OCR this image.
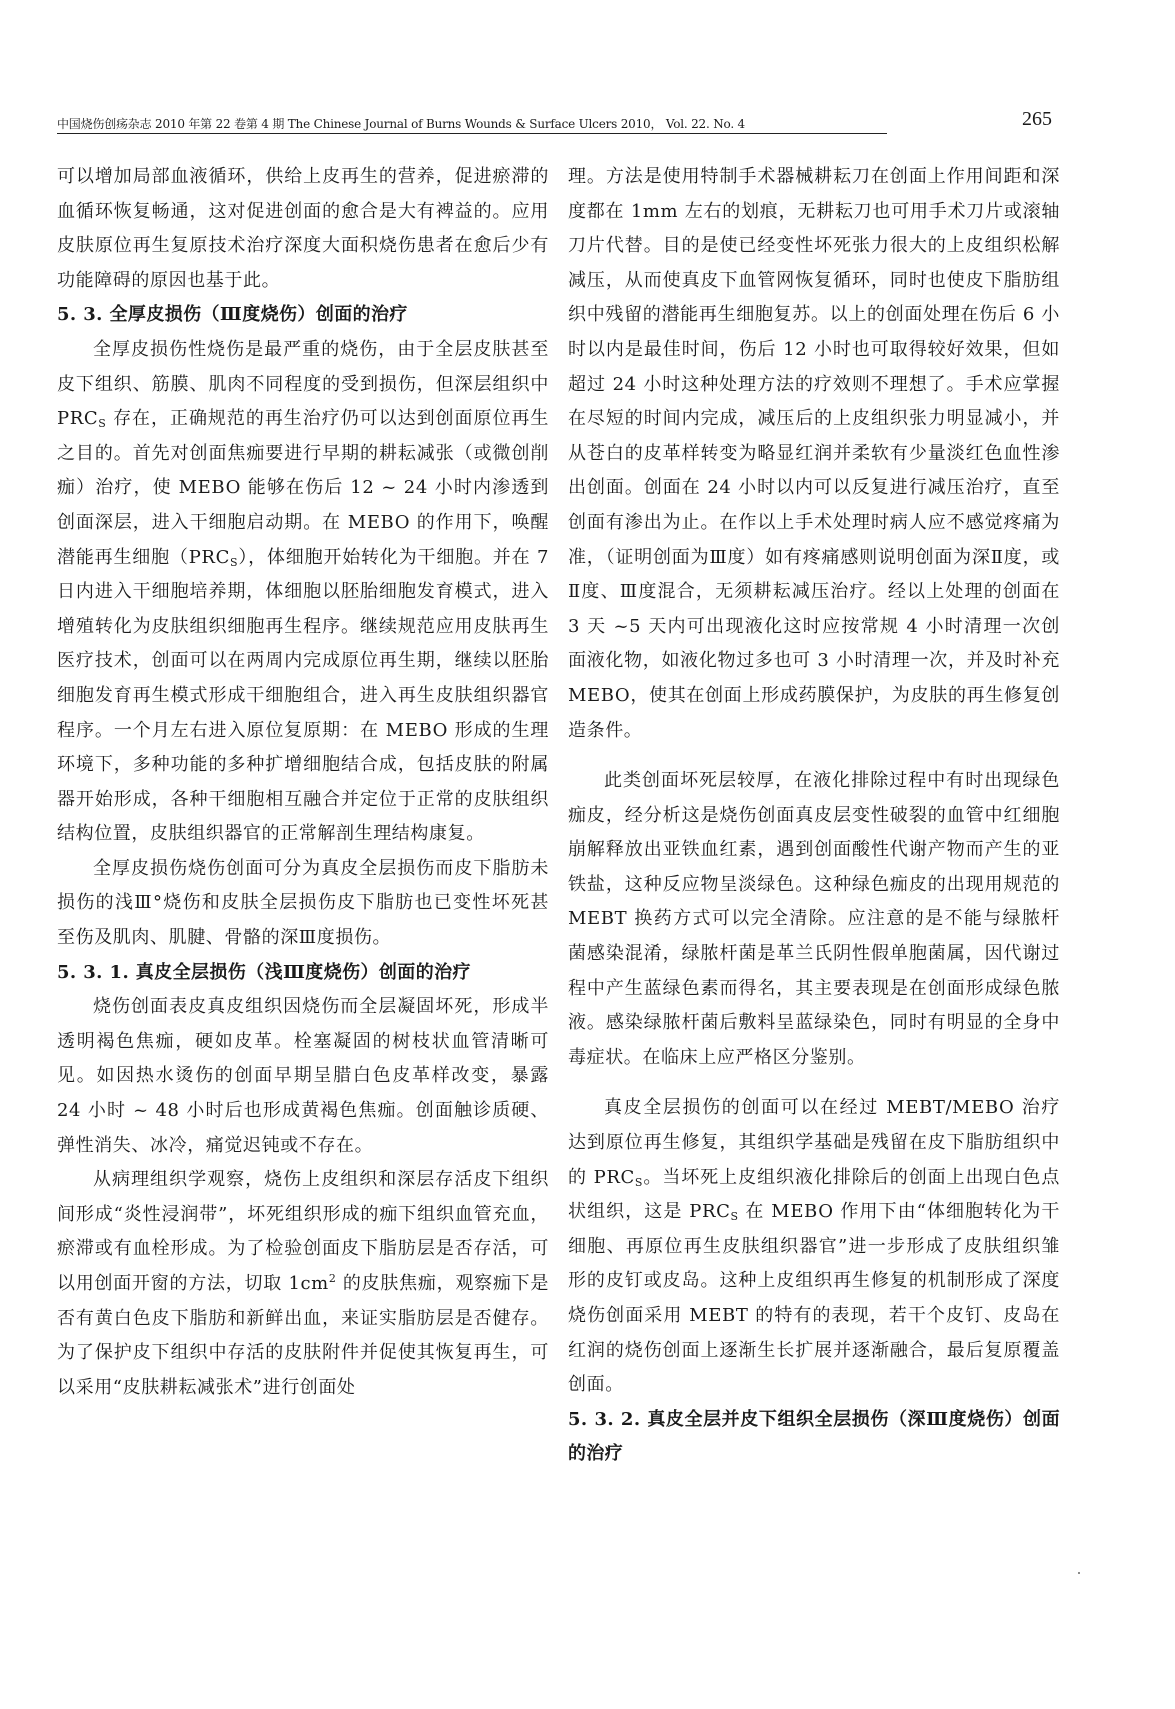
中国烧伤创疡杂志 2010 年第 22 卷第 4 期 The Chinese Journal of Burns Wounds & Surface Ulcers 2010， Vol. 22. No. 4	265

可以增加局部血液循环，供给上皮再生的营养，促进瘀滞的血循环恢复畅通，这对促进创面的愈合是大有裨益的。应用皮肤原位再生复原技术治疗深度大面积烧伤患者在愈后少有功能障碍的原因也基于此。

5. 3. 全厚皮损伤（Ⅲ度烧伤）创面的治疗

全厚皮损伤性烧伤是最严重的烧伤，由于全层皮肤甚至皮下组织、筋膜、肌肉不同程度的受到损伤，但深层组织中 $PRC_S$ 存在，正确规范的再生治疗仍可以达到创面原位再生之目的。首先对创面焦痂要进行早期的耕耘减张（或微创削痂）治疗，使 MEBO 能够在伤后 12 ~ 24 小时内渗透到创面深层，进入干细胞启动期。在 MEBO 的作用下，唤醒潜能再生细胞$(PRC_S)$，体细胞开始转化为干细胞。并在 7 日内进入干细胞培养期，体细胞以胚胎细胞发育模式，进入增殖转化为皮肤组织细胞再生程序。继续规范应用皮肤再生医疗技术，创面可以在两周内完成原位再生期，继续以胚胎细胞发育再生模式形成干细胞组合，进入再生皮肤组织器官程序。一个月左右进入原位复原期：在 MEBO 形成的生理环境下，多种功能的多种扩增细胞结合成，包括皮肤的附属器开始形成，各种干细胞相互融合并定位于正常的皮肤组织结构位置，皮肤组织器官的正常解剖生理结构康复。

全厚皮损伤烧伤创面可分为真皮全层损伤而皮下脂肪未损伤的浅Ⅲ°烧伤和皮肤全层损伤皮下脂肪也已变性坏死甚至伤及肌肉、肌腱、骨骼的深Ⅲ度损伤。

5. 3. 1. 真皮全层损伤（浅Ⅲ度烧伤）创面的治疗

烧伤创面表皮真皮组织因烧伤而全层凝固坏死，形成半透明褐色焦痂，硬如皮革。栓塞凝固的树枝状血管清晰可见。如因热水烫伤的创面早期呈腊白色皮革样改变，暴露 24 小时 ~ 48 小时后也形成黄褐色焦痂。创面触诊质硬、弹性消失、冰冷，痛觉迟钝或不存在。

从病理组织学观察，烧伤上皮组织和深层存活皮下组织间形成“炎性浸润带”，坏死组织形成的痂下组织血管充血，瘀滞或有血栓形成。为了检验创面皮下脂肪层是否存活，可以用创面开窗的方法，切取 $1cm^2$ 的皮肤焦痂，观察痂下是否有黄白色皮下脂肪和新鲜出血，来证实脂肪层是否健存。为了保护皮下组织中存活的皮肤附件并促使其恢复再生，可以采用“皮肤耕耘减张术”进行创面处

理。方法是使用特制手术器械耕耘刀在创面上作用间距和深度都在 1mm 左右的划痕，无耕耘刀也可用手术刀片或滚轴刀片代替。目的是使已经变性坏死张力很大的上皮组织松解减压，从而使真皮下血管网恢复循环，同时也使皮下脂肪组织中残留的潜能再生细胞复苏。以上的创面处理在伤后 6 小时以内是最佳时间，伤后 12 小时也可取得较好效果，但如超过 24 小时这种处理方法的疗效则不理想了。手术应掌握在尽短的时间内完成，减压后的上皮组织张力明显减小，并从苍白的皮革样转变为略显红润并柔软有少量淡红色血性渗出创面。创面在 24 小时以内可以反复进行减压治疗，直至创面有渗出为止。在作以上手术处理时病人应不感觉疼痛为准，（证明创面为Ⅲ度）如有疼痛感则说明创面为深Ⅱ度，或Ⅱ度、Ⅲ度混合，无须耕耘减压治疗。经以上处理的创面在 3 天 ~5 天内可出现液化这时应按常规 4 小时清理一次创面液化物，如液化物过多也可 3 小时清理一次，并及时补充 MEBO，使其在创面上形成药膜保护，为皮肤的再生修复创造条件。

此类创面坏死层较厚，在液化排除过程中有时出现绿色痂皮，经分析这是烧伤创面真皮层变性破裂的血管中红细胞崩解释放出亚铁血红素，遇到创面酸性代谢产物而产生的亚铁盐，这种反应物呈淡绿色。这种绿色痂皮的出现用规范的 MEBT 换药方式可以完全清除。应注意的是不能与绿脓杆菌感染混淆，绿脓杆菌是革兰氏阴性假单胞菌属，因代谢过程中产生蓝绿色素而得名，其主要表现是在创面形成绿色脓液。感染绿脓杆菌后敷料呈蓝绿染色，同时有明显的全身中毒症状。在临床上应严格区分鉴别。

真皮全层损伤的创面可以在经过 MEBT/MEBO 治疗达到原位再生修复，其组织学基础是残留在皮下脂肪组织中的 $PRC_S$。当坏死上皮组织液化排除后的创面上出现白色点状组织，这是 $PRC_S$ 在 MEBO 作用下由“体细胞转化为干细胞、再原位再生皮肤组织器官”进一步形成了皮肤组织雏形的皮钉或皮岛。这种上皮组织再生修复的机制形成了深度烧伤创面采用 MEBT 的特有的表现，若干个皮钉、皮岛在红润的烧伤创面上逐渐生长扩展并逐渐融合，最后复原覆盖创面。

5. 3. 2. 真皮全层并皮下组织全层损伤（深Ⅲ度烧伤）创面的治疗
